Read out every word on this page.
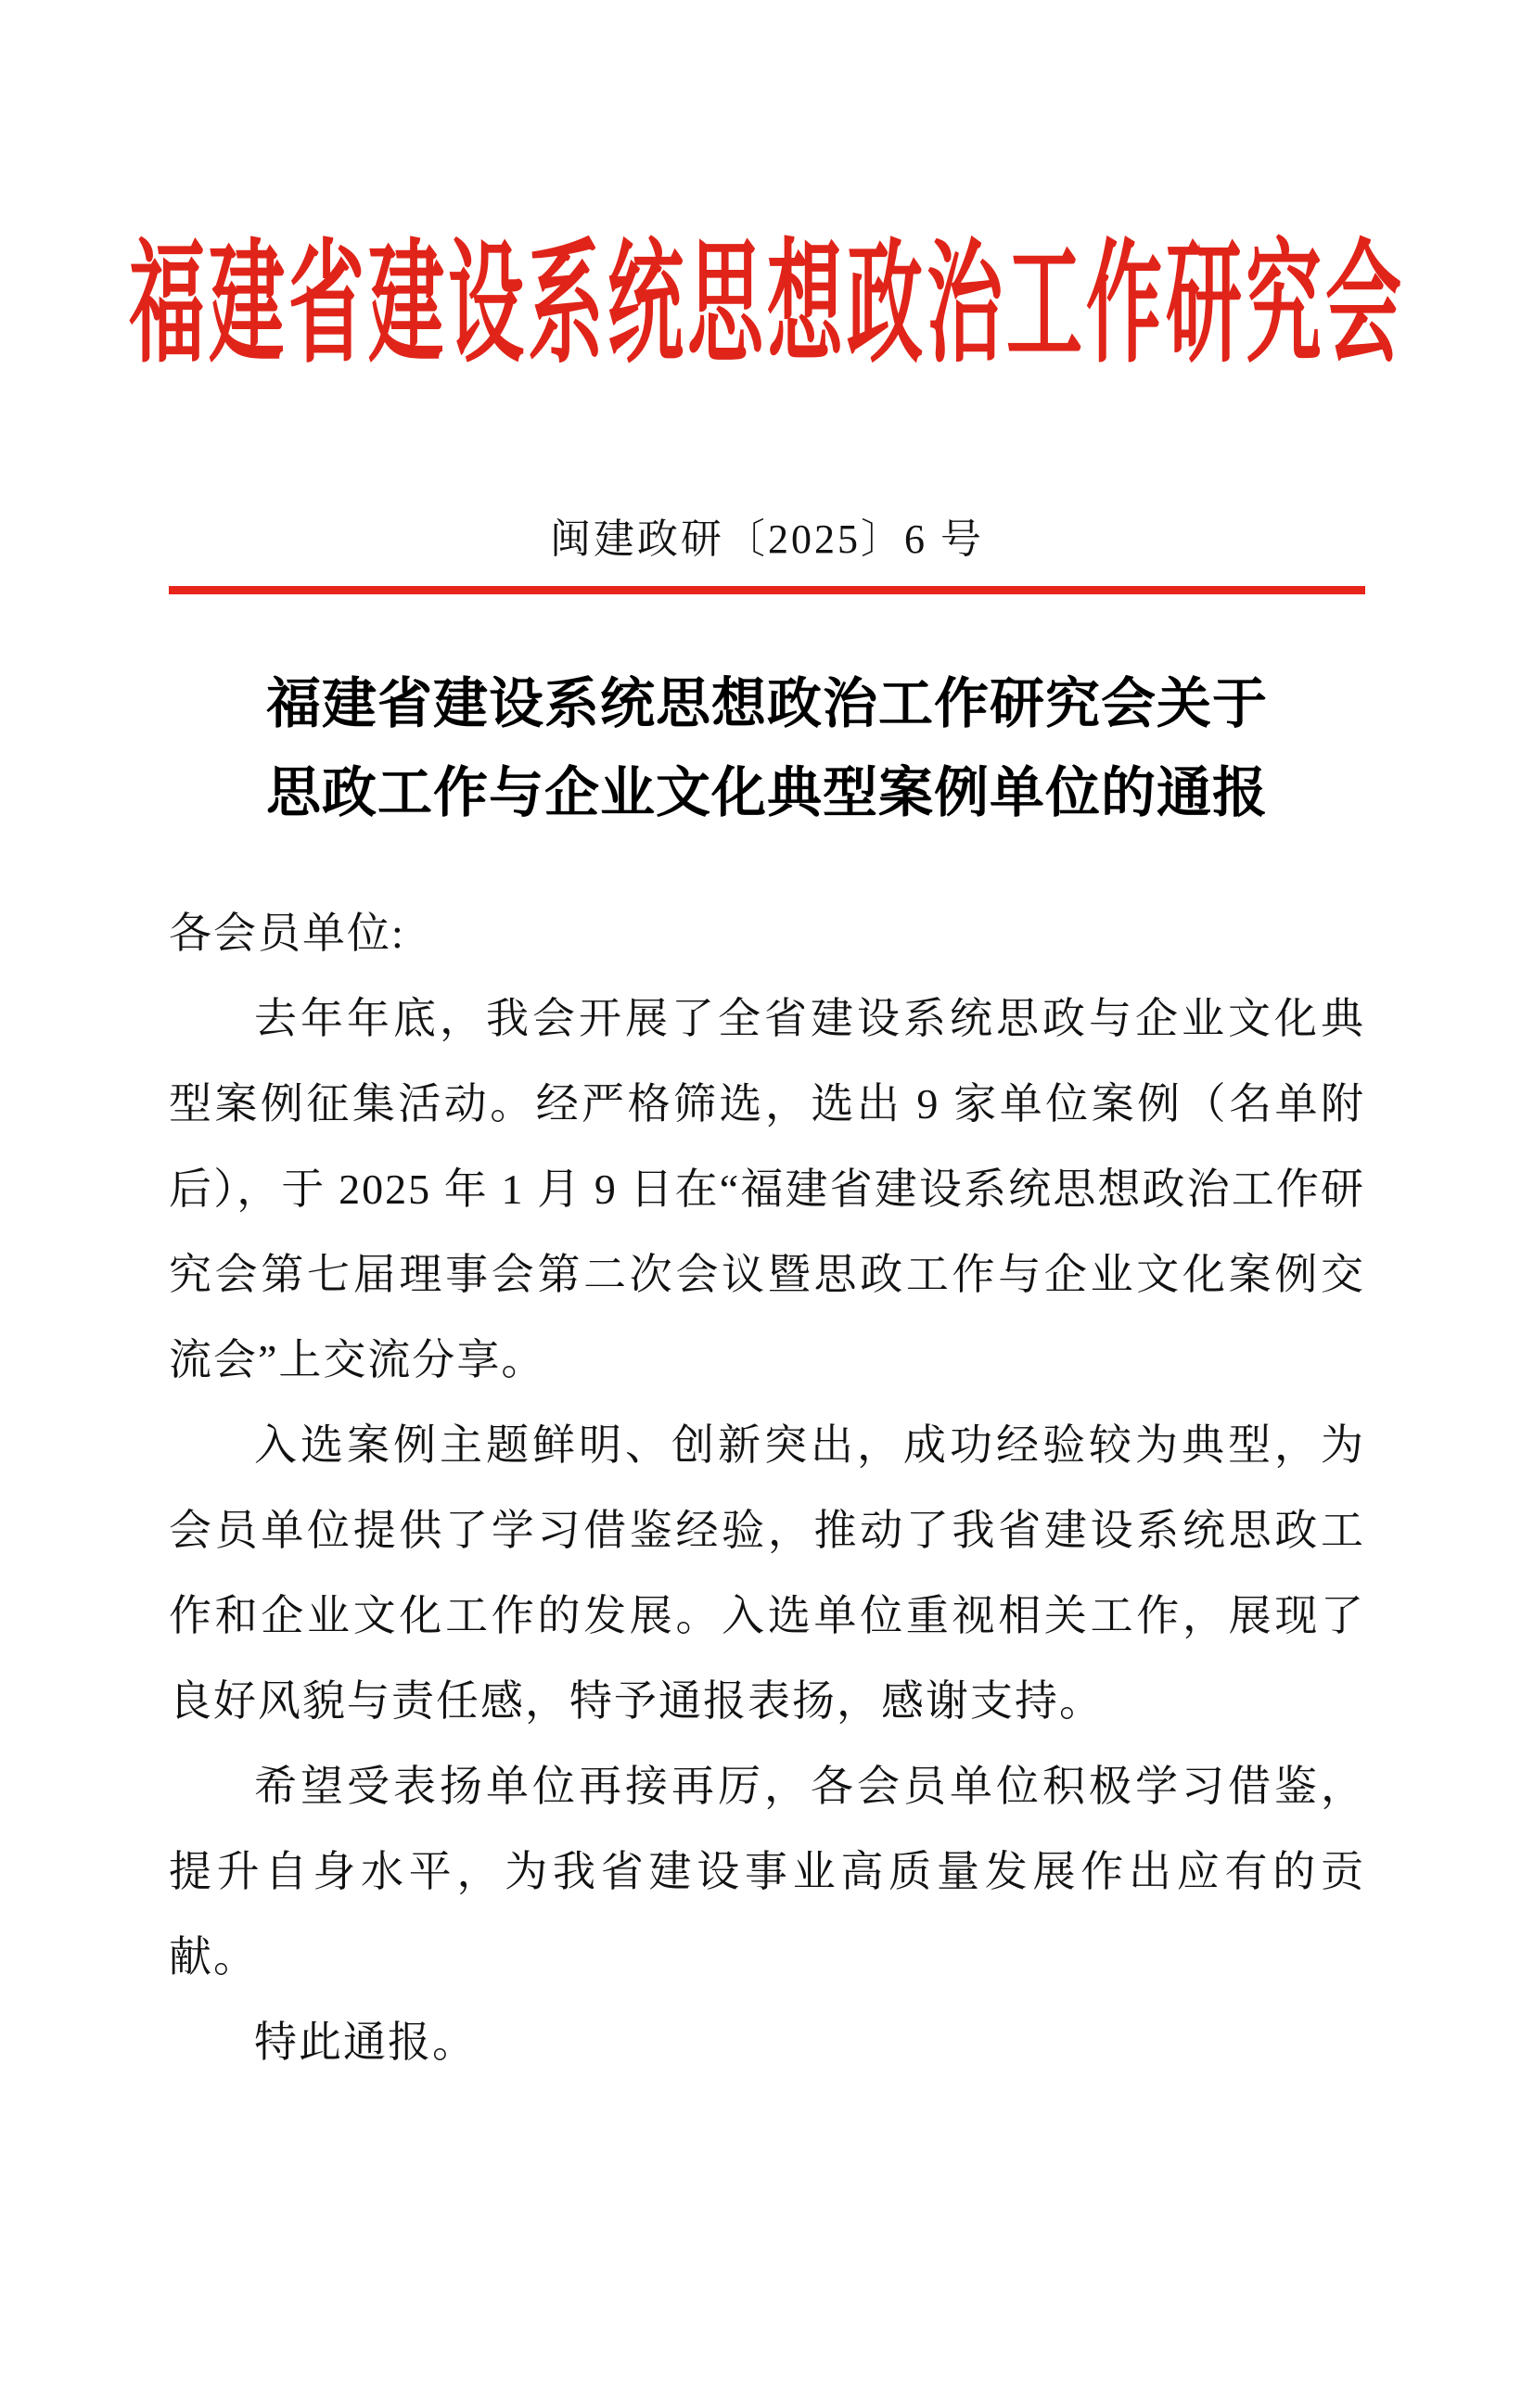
福建省建设系统思想政治工作研究会
闽建政研〔2025〕6 号
福建省建设系统思想政治工作研究会关于
思政工作与企业文化典型案例单位的通报

各会员单位:

去年年底，我会开展了全省建设系统思政与企业文化典型案例征集活动。经严格筛选，选出 9 家单位案例（名单附后），于 2025 年 1 月 9 日在“福建省建设系统思想政治工作研究会第七届理事会第二次会议暨思政工作与企业文化案例交流会”上交流分享。

入选案例主题鲜明、创新突出，成功经验较为典型，为会员单位提供了学习借鉴经验，推动了我省建设系统思政工作和企业文化工作的发展。入选单位重视相关工作，展现了良好风貌与责任感，特予通报表扬，感谢支持。

希望受表扬单位再接再厉，各会员单位积极学习借鉴，提升自身水平，为我省建设事业高质量发展作出应有的贡献。

特此通报。
